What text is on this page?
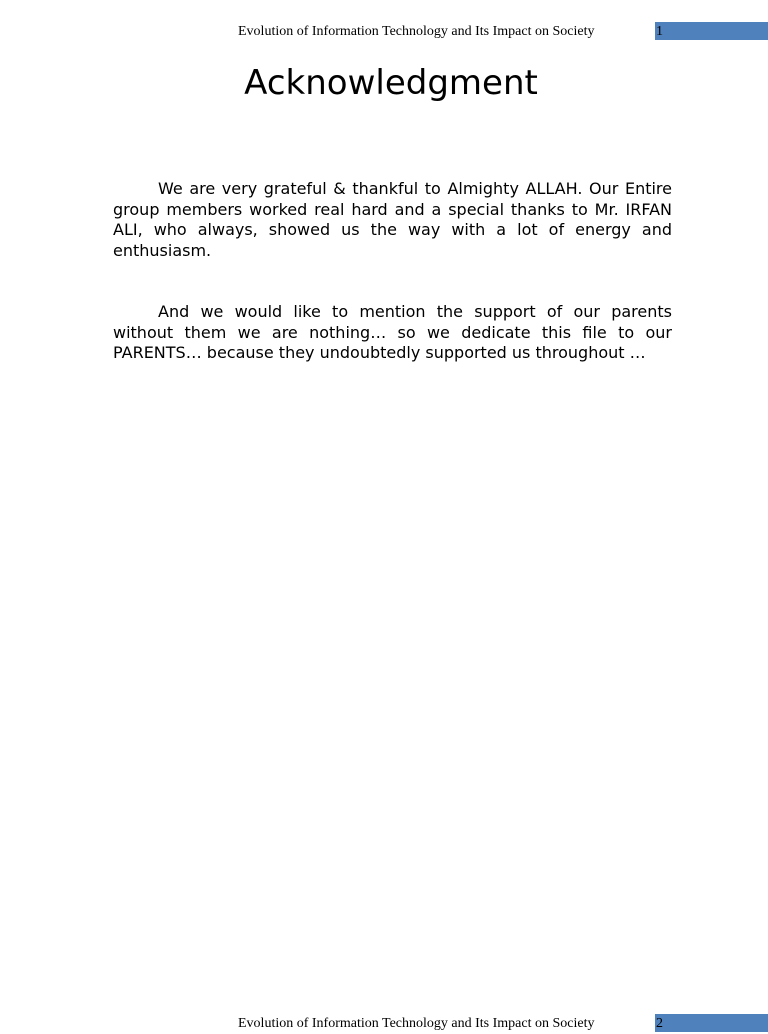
Evolution of Information Technology and Its Impact on Society	1
Acknowledgment

We are very grateful & thankful to Almighty ALLAH. Our Entire group members worked real hard and a special thanks to Mr. IRFAN ALI, who always, showed us the way with a lot of energy and enthusiasm.

And we would like to mention the support of our parents without them we are nothing… so we dedicate this file to our PARENTS… because they undoubtedly supported us throughout …

Evolution of Information Technology and Its Impact on Society	2
